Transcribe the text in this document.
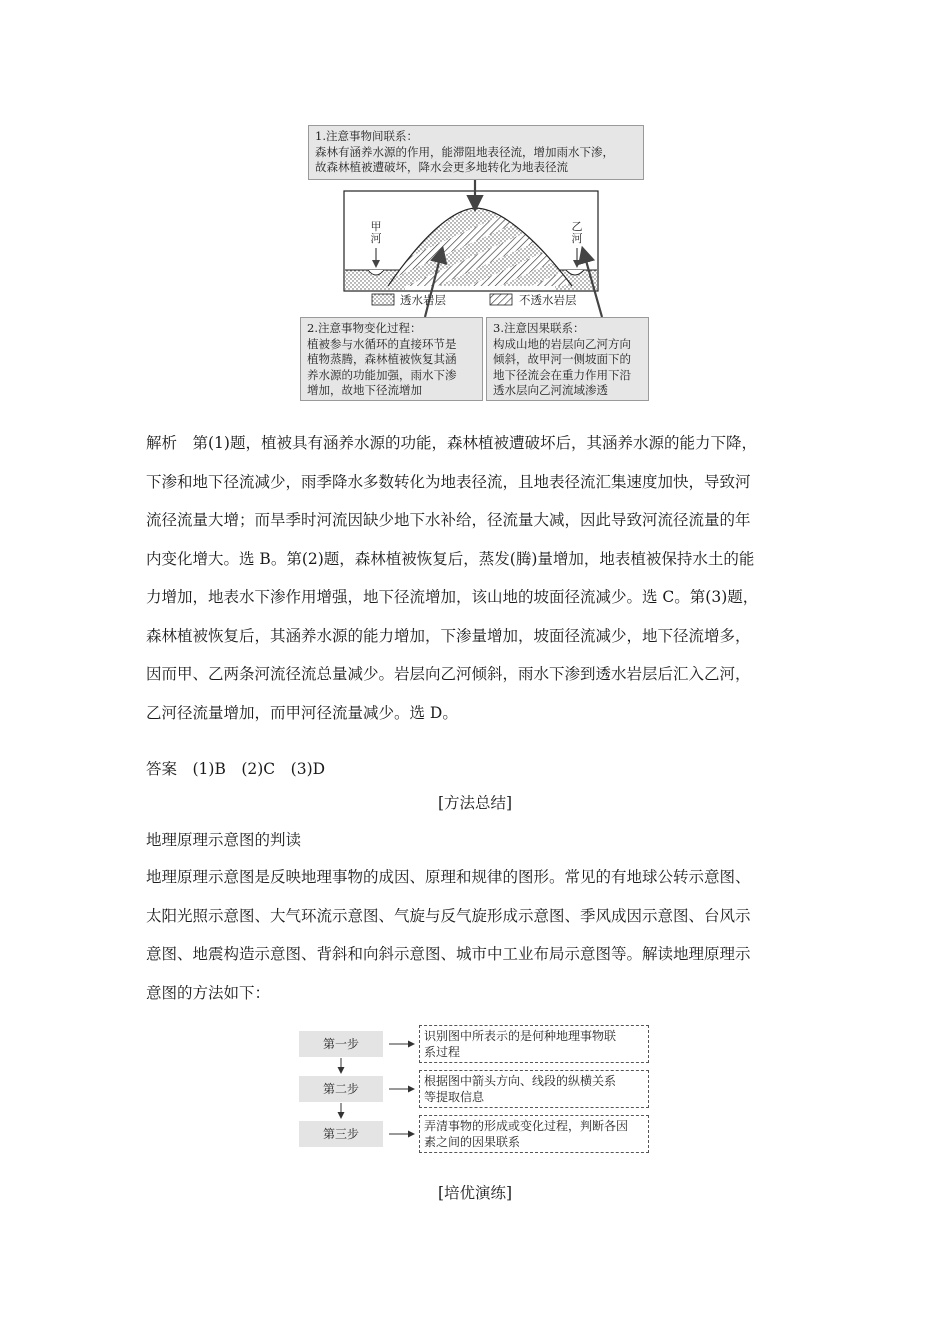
1.注意事物间联系：
森林有涵养水源的作用，能滞阻地表径流，增加雨水下渗，
故森林植被遭破坏，降水会更多地转化为地表径流
甲
河
乙
河
透水岩层	不透水岩层
2.注意事物变化过程：
植被参与水循环的直接环节是
植物蒸腾，森林植被恢复其涵
养水源的功能加强，雨水下渗
增加，故地下径流增加
3.注意因果联系：
构成山地的岩层向乙河方向
倾斜，故甲河一侧坡面下的
地下径流会在重力作用下沿
透水层向乙河流域渗透
解析　第(1)题，植被具有涵养水源的功能，森林植被遭破坏后，其涵养水源的能力下降，
下渗和地下径流减少，雨季降水多数转化为地表径流，且地表径流汇集速度加快，导致河
流径流量大增；而旱季时河流因缺少地下水补给，径流量大减，因此导致河流径流量的年
内变化增大。选 B。第(2)题，森林植被恢复后，蒸发(腾)量增加，地表植被保持水土的能
力增加，地表水下渗作用增强，地下径流增加，该山地的坡面径流减少。选 C。第(3)题，
森林植被恢复后，其涵养水源的能力增加，下渗量增加，坡面径流减少，地下径流增多，
因而甲、乙两条河流径流总量减少。岩层向乙河倾斜，雨水下渗到透水岩层后汇入乙河，
乙河径流量增加，而甲河径流量减少。选 D。
答案　(1)B　(2)C　(3)D
[方法总结]
地理原理示意图的判读
地理原理示意图是反映地理事物的成因、原理和规律的图形。常见的有地球公转示意图、
太阳光照示意图、大气环流示意图、气旋与反气旋形成示意图、季风成因示意图、台风示
意图、地震构造示意图、背斜和向斜示意图、城市中工业布局示意图等。解读地理原理示
意图的方法如下：
第一步
第二步
第三步
识别图中所表示的是何种地理事物联
系过程
根据图中箭头方向、线段的纵横关系
等提取信息
弄清事物的形成或变化过程，判断各因
素之间的因果联系
[培优演练]
